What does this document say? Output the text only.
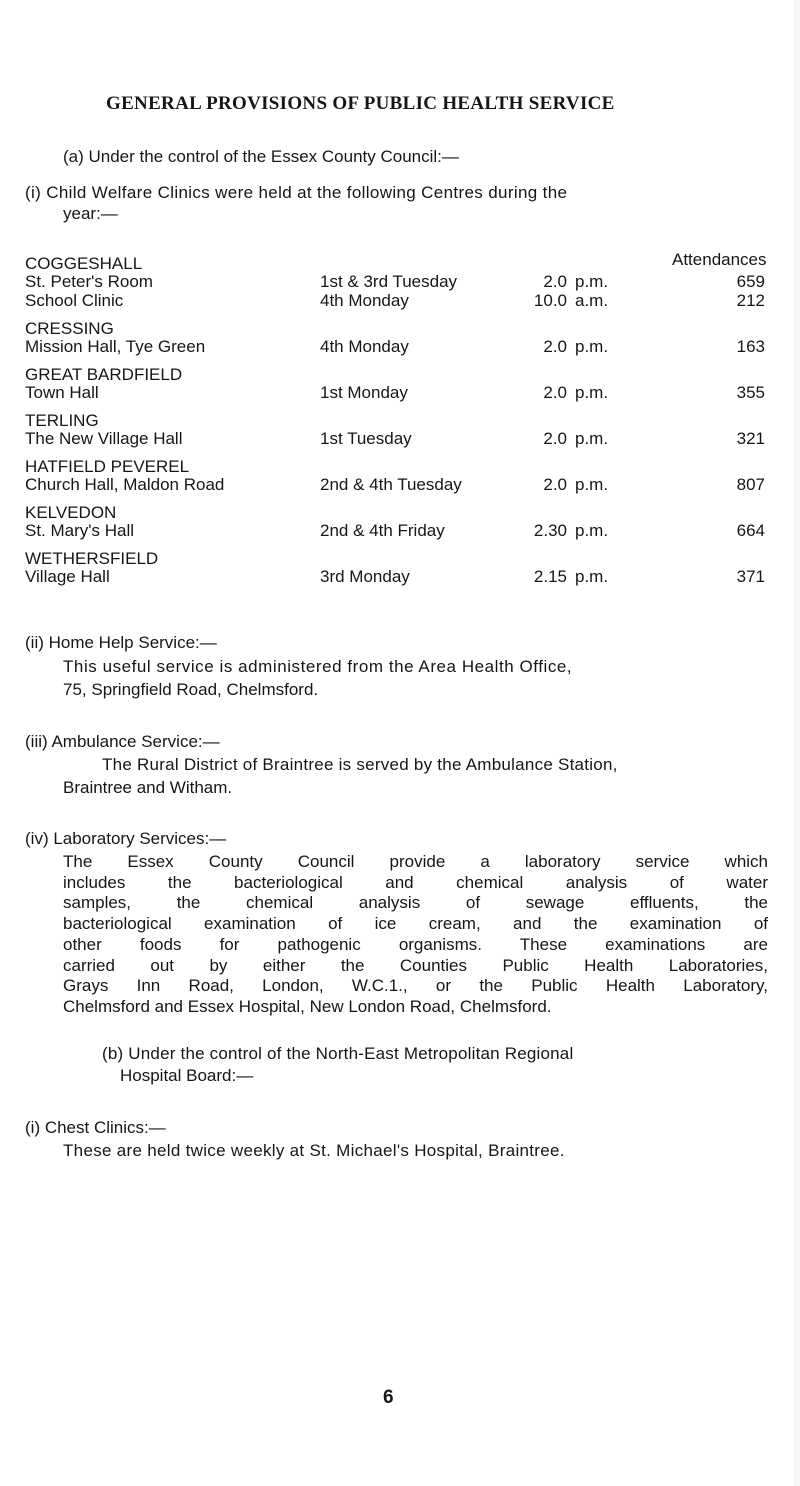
GENERAL PROVISIONS OF PUBLIC HEALTH SERVICE
(a) Under the control of the Essex County Council:—
(i) Child Welfare Clinics were held at the following Centres during the
year:—
Attendances
COGGESHALL
St. Peter's Room	1st & 3rd Tuesday	2.0 p.m.	659
School Clinic	4th Monday	10.0 a.m.	212
CRESSING
Mission Hall, Tye Green	4th Monday	2.0 p.m.	163
GREAT BARDFIELD
Town Hall	1st Monday	2.0 p.m.	355
TERLING
The New Village Hall	1st Tuesday	2.0 p.m.	321
HATFIELD PEVEREL
Church Hall, Maldon Road	2nd & 4th Tuesday	2.0 p.m.	807
KELVEDON
St. Mary's Hall	2nd & 4th Friday	2.30 p.m.	664
WETHERSFIELD
Village Hall	3rd Monday	2.15 p.m.	371
(ii) Home Help Service:—
This useful service is administered from the Area Health Office,
75, Springfield Road, Chelmsford.
(iii) Ambulance Service:—
The Rural District of Braintree is served by the Ambulance Station,
Braintree and Witham.
(iv) Laboratory Services:—
The Essex County Council provide a laboratory service which
includes the bacteriological and chemical analysis of water
samples, the chemical analysis of sewage effluents, the
bacteriological examination of ice cream, and the examination of
other foods for pathogenic organisms. These examinations are
carried out by either the Counties Public Health Laboratories,
Grays Inn Road, London, W.C.1., or the Public Health Laboratory,
Chelmsford and Essex Hospital, New London Road, Chelmsford.
(b) Under the control of the North-East Metropolitan Regional
Hospital Board:—
(i) Chest Clinics:—
These are held twice weekly at St. Michael's Hospital, Braintree.
6
